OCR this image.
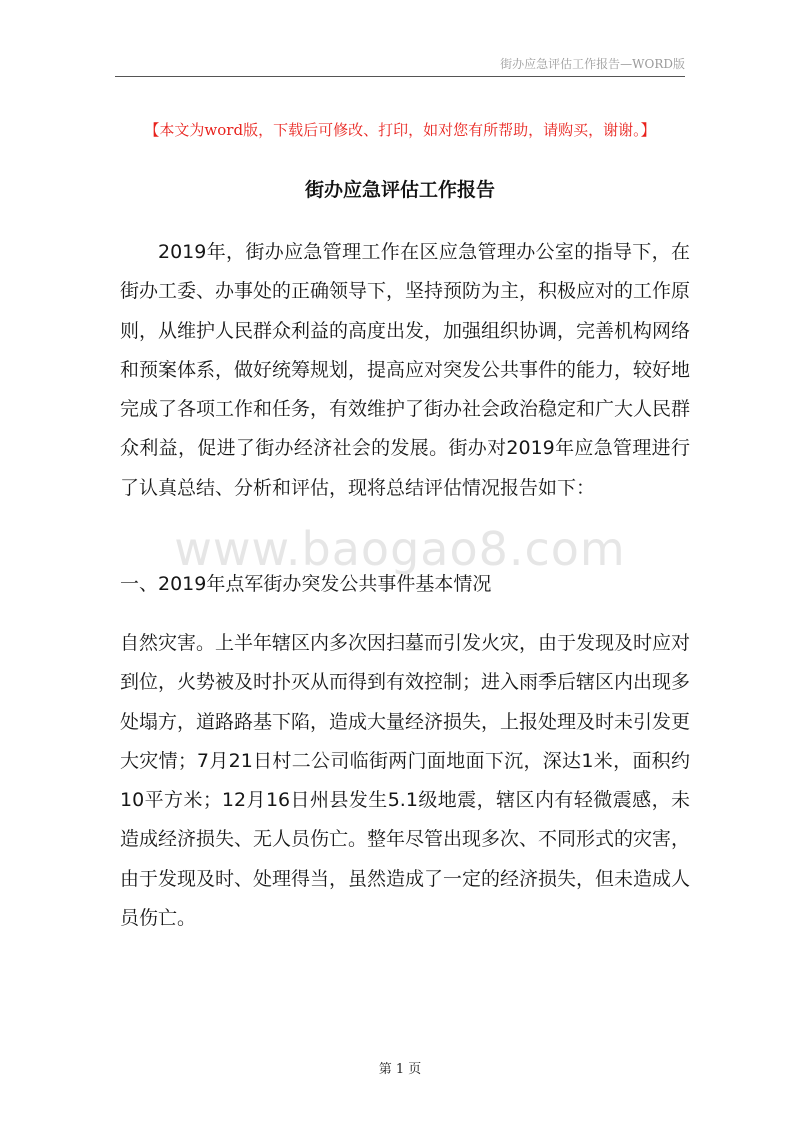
街办应急评估工作报告—WORD版
【本文为word版，下载后可修改、打印，如对您有所帮助，请购买，谢谢。】
街办应急评估工作报告
2019年，街办应急管理工作在区应急管理办公室的指导下，在街办工委、办事处的正确领导下，坚持预防为主，积极应对的工作原则，从维护人民群众利益的高度出发，加强组织协调，完善机构网络和预案体系，做好统筹规划，提高应对突发公共事件的能力，较好地完成了各项工作和任务，有效维护了街办社会政治稳定和广大人民群众利益，促进了街办经济社会的发展。街办对2019年应急管理进行了认真总结、分析和评估，现将总结评估情况报告如下：
www.baogao8.com
一、2019年点军街办突发公共事件基本情况
自然灾害。上半年辖区内多次因扫墓而引发火灾，由于发现及时应对到位，火势被及时扑灭从而得到有效控制；进入雨季后辖区内出现多处塌方，道路路基下陷，造成大量经济损失，上报处理及时未引发更大灾情；7月21日村二公司临街两门面地面下沉，深达1米，面积约10平方米；12月16日州县发生5.1级地震，辖区内有轻微震感，未造成经济损失、无人员伤亡。整年尽管出现多次、不同形式的灾害，由于发现及时、处理得当，虽然造成了一定的经济损失，但未造成人员伤亡。
第 1 页
